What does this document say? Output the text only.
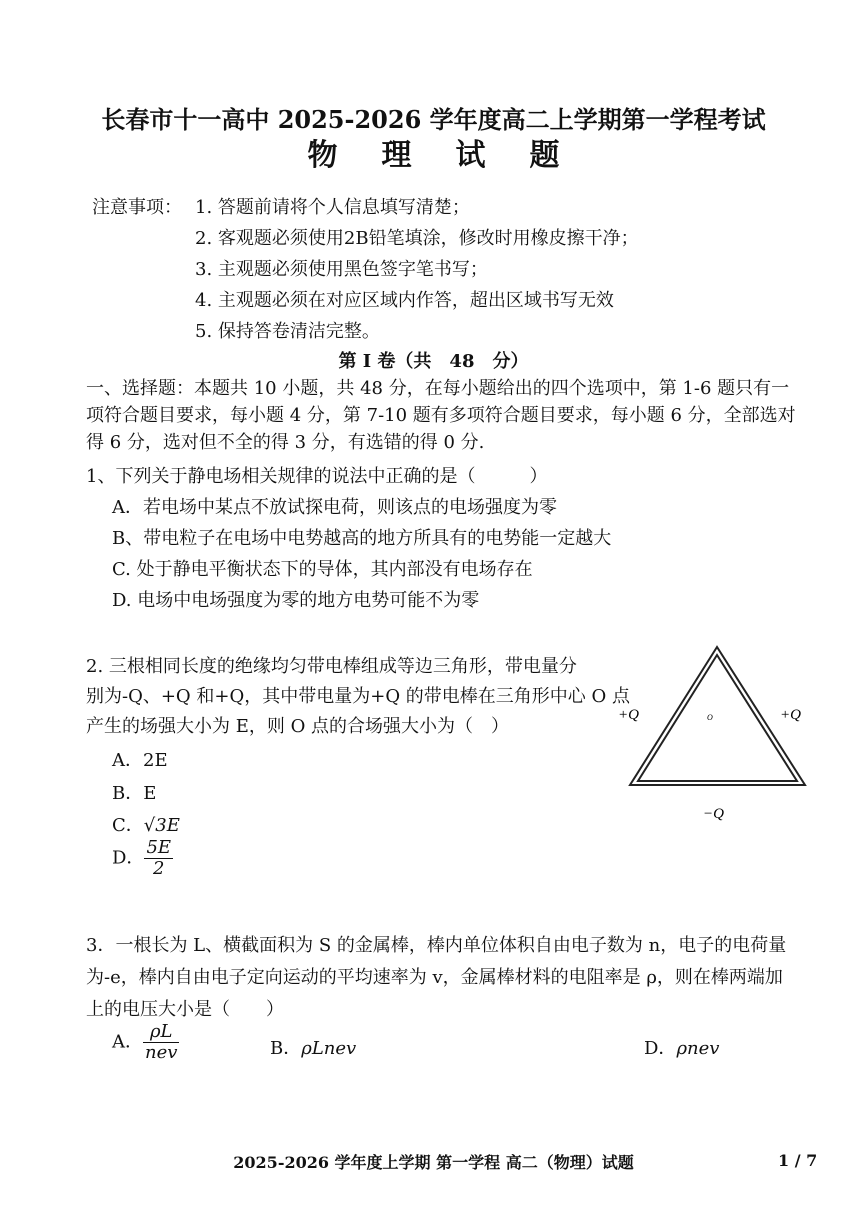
长春市十一高中 2025-2026 学年度高二上学期第一学程考试
物 理 试 题
注意事项： 1. 答题前请将个人信息填写清楚；
2. 客观题必须使用2B铅笔填涂，修改时用橡皮擦干净；
3. 主观题必须使用黑色签字笔书写；
4. 主观题必须在对应区域内作答，超出区域书写无效
5. 保持答卷清洁完整。
第 Ⅰ 卷（共　48　分）
一、选择题：本题共 10 小题，共 48 分，在每小题给出的四个选项中，第 1-6 题只有一
项符合题目要求，每小题 4 分，第 7-10 题有多项符合题目要求，每小题 6 分，全部选对
得 6 分，选对但不全的得 3 分，有选错的得 0 分.
1、下列关于静电场相关规律的说法中正确的是（　　　）
A．若电场中某点不放试探电荷，则该点的电场强度为零
B、带电粒子在电场中电势越高的地方所具有的电势能一定越大
C. 处于静电平衡状态下的导体，其内部没有电场存在
D. 电场中电场强度为零的地方电势可能不为零
2. 三根相同长度的绝缘均匀带电棒组成等边三角形，带电量分
别为-Q、+Q 和+Q，其中带电量为+Q 的带电棒在三角形中心 O 点
产生的场强大小为 E，则 O 点的合场强大小为（　）
A．2E
B．E
C．√3E
D． $\frac{5E}{2}$
+Q	+Q
−Q
O
3．一根长为 L、横截面积为 S 的金属棒，棒内单位体积自由电子数为 n，电子的电荷量
为-e，棒内自由电子定向运动的平均速率为 v，金属棒材料的电阻率是 ρ，则在棒两端加
上的电压大小是（　　）
A． $\frac{\rho L}{\text{nev}}$	B．ρLnev	D．ρnev
2025-2026 学年度上学期 第一学程 高二（物理）试题	1 / 7
